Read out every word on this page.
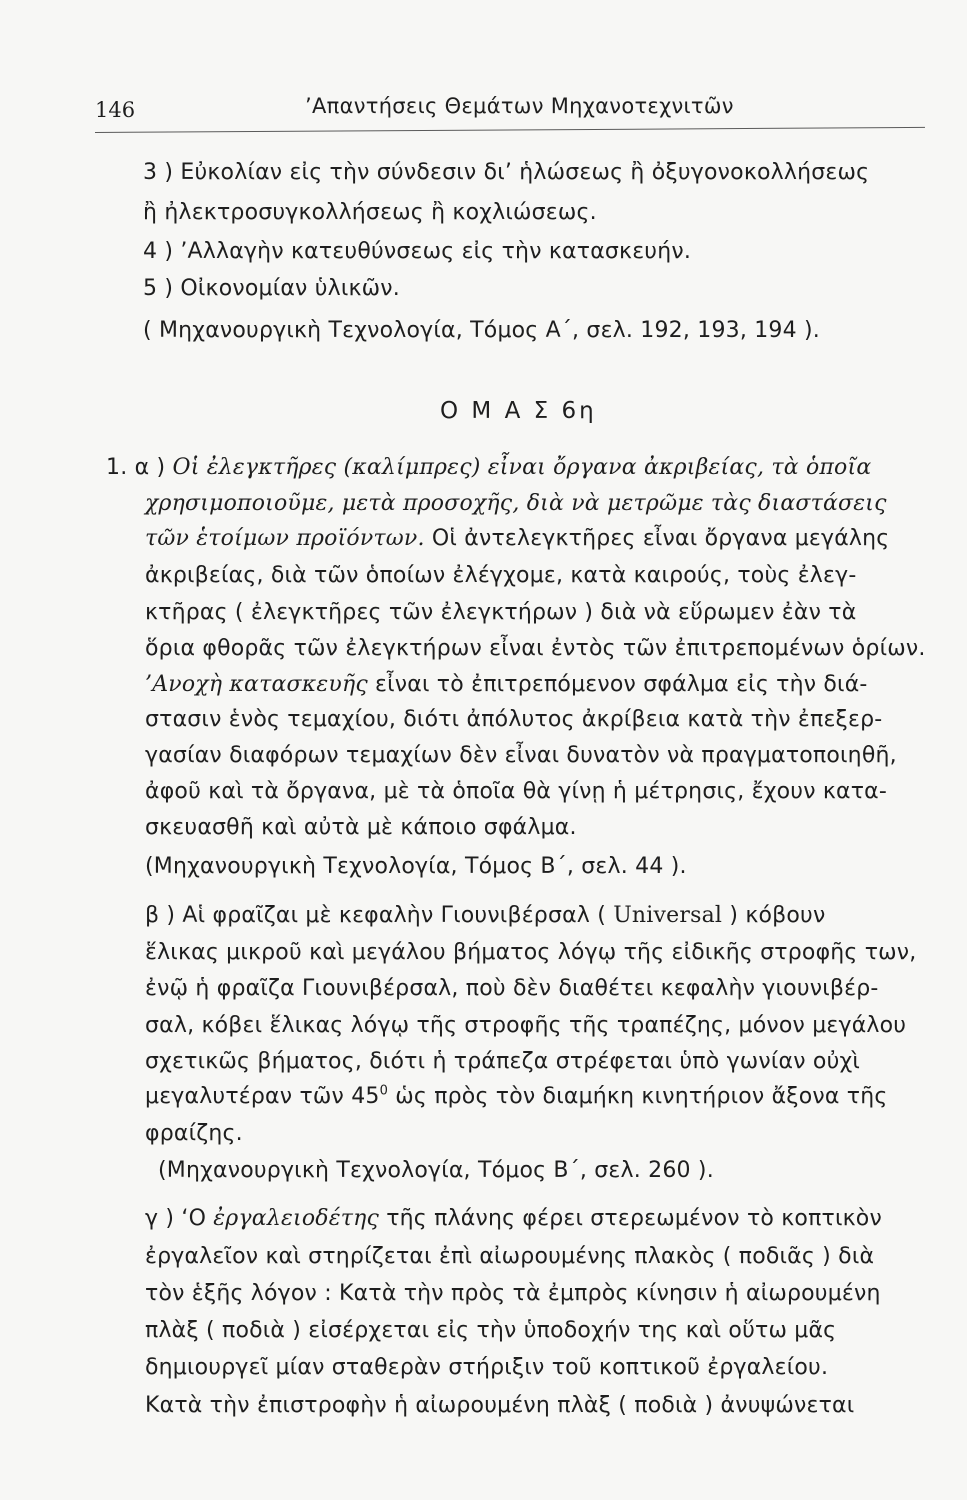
146	’Απαντήσεις Θεμάτων Μηχανοτεχνιτῶν
3 ) Εὐκολίαν εἰς τὴν σύνδεσιν δι’ ἡλώσεως ἢ ὀξυγονοκολλήσεως
ἢ ἠλεκτροσυγκολλήσεως ἢ κοχλιώσεως.
4 ) ’Αλλαγὴν κατευθύνσεως εἰς τὴν κατασκευήν.
5 ) Οἰκονομίαν ὑλικῶν.
( Μηχανουργικὴ Τεχνολογία, Τόμος Α΄, σελ. 192, 193, 194 ).
Ο Μ Α Σ 6η
1. α ) Οἱ ἐλεγκτῆρες (καλίμπρες) εἶναι ὄργανα ἀκριβείας, τὰ ὁποῖα
χρησιμοποιοῦμε, μετὰ προσοχῆς, διὰ νὰ μετρῶμε τὰς διαστάσεις
τῶν ἑτοίμων προϊόντων. Οἱ ἀντελεγκτῆρες εἶναι ὄργανα μεγάλης
ἀκριβείας, διὰ τῶν ὁποίων ἐλέγχομε, κατὰ καιρούς, τοὺς ἐλεγ-
κτῆρας ( ἐλεγκτῆρες τῶν ἐλεγκτήρων ) διὰ νὰ εὕρωμεν ἐὰν τὰ
ὅρια φθορᾶς τῶν ἐλεγκτήρων εἶναι ἐντὸς τῶν ἐπιτρεπομένων ὁρίων.
’Ανοχὴ κατασκευῆς εἶναι τὸ ἐπιτρεπόμενον σφάλμα εἰς τὴν διά-
στασιν ἑνὸς τεμαχίου, διότι ἀπόλυτος ἀκρίβεια κατὰ τὴν ἐπεξερ-
γασίαν διαφόρων τεμαχίων δὲν εἶναι δυνατὸν νὰ πραγματοποιηθῆ,
ἀφοῦ καὶ τὰ ὄργανα, μὲ τὰ ὁποῖα θὰ γίνῃ ἡ μέτρησις, ἔχουν κατα-
σκευασθῆ καὶ αὐτὰ μὲ κάποιο σφάλμα.
(Μηχανουργικὴ Τεχνολογία, Τόμος Β΄, σελ. 44 ).
β ) Αἱ φραῖζαι μὲ κεφαλὴν Γιουνιβέρσαλ ( Universal ) κόβουν
ἕλικας μικροῦ καὶ μεγάλου βήματος λόγῳ τῆς εἰδικῆς στροφῆς των,
ἐνῷ ἡ φραῖζα Γιουνιβέρσαλ, ποὺ δὲν διαθέτει κεφαλὴν γιουνιβέρ-
σαλ, κόβει ἕλικας λόγῳ τῆς στροφῆς τῆς τραπέζης, μόνον μεγάλου
σχετικῶς βήματος, διότι ἡ τράπεζα στρέφεται ὑπὸ γωνίαν οὐχὶ
μεγαλυτέραν τῶν $45^0$ ὡς πρὸς τὸν διαμήκη κινητήριον ἄξονα τῆς
φραίζης.
(Μηχανουργικὴ Τεχνολογία, Τόμος Β΄, σελ. 260 ).
γ ) ‘Ο ἐργαλειοδέτης τῆς πλάνης φέρει στερεωμένον τὸ κοπτικὸν
ἐργαλεῖον καὶ στηρίζεται ἐπὶ αἰωρουμένης πλακὸς ( ποδιᾶς ) διὰ
τὸν ἑξῆς λόγον : Κατὰ τὴν πρὸς τὰ ἐμπρὸς κίνησιν ἡ αἰωρουμένη
πλὰξ ( ποδιὰ ) εἰσέρχεται εἰς τὴν ὑποδοχήν της καὶ οὕτω μᾶς
δημιουργεῖ μίαν σταθερὰν στήριξιν τοῦ κοπτικοῦ ἐργαλείου.
Κατὰ τὴν ἐπιστροφὴν ἡ αἰωρουμένη πλὰξ ( ποδιὰ ) ἀνυψώνεται
